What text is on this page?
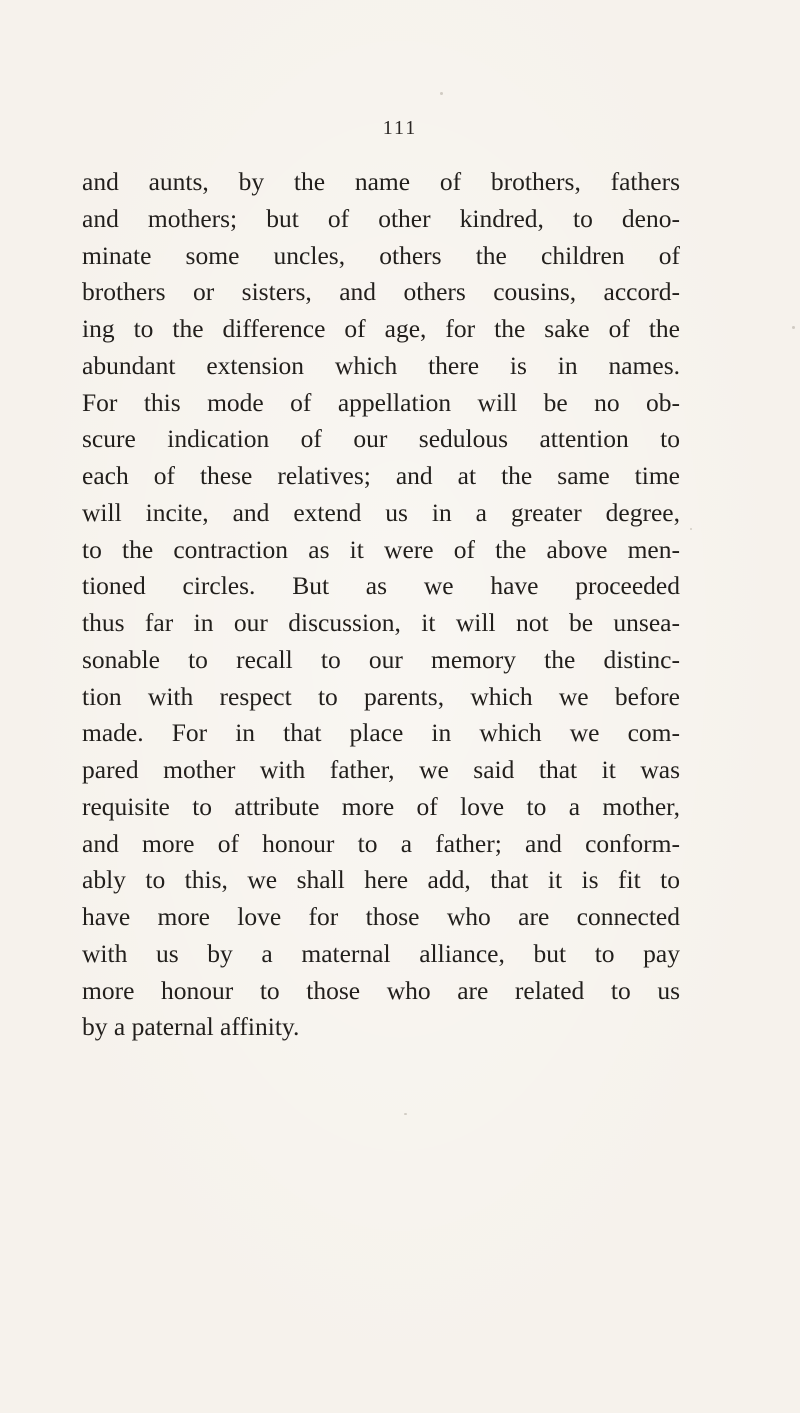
111
and aunts, by the name of brothers, fathers
and mothers; but of other kindred, to deno-
minate some uncles, others the children of
brothers or sisters, and others cousins, accord-
ing to the difference of age, for the sake of the
abundant extension which there is in names.
For this mode of appellation will be no ob-
scure indication of our sedulous attention to
each of these relatives; and at the same time
will incite, and extend us in a greater degree,
to the contraction as it were of the above men-
tioned circles. But as we have proceeded
thus far in our discussion, it will not be unsea-
sonable to recall to our memory the distinc-
tion with respect to parents, which we before
made. For in that place in which we com-
pared mother with father, we said that it was
requisite to attribute more of love to a mother,
and more of honour to a father; and conform-
ably to this, we shall here add, that it is fit to
have more love for those who are connected
with us by a maternal alliance, but to pay
more honour to those who are related to us
by a paternal affinity.
